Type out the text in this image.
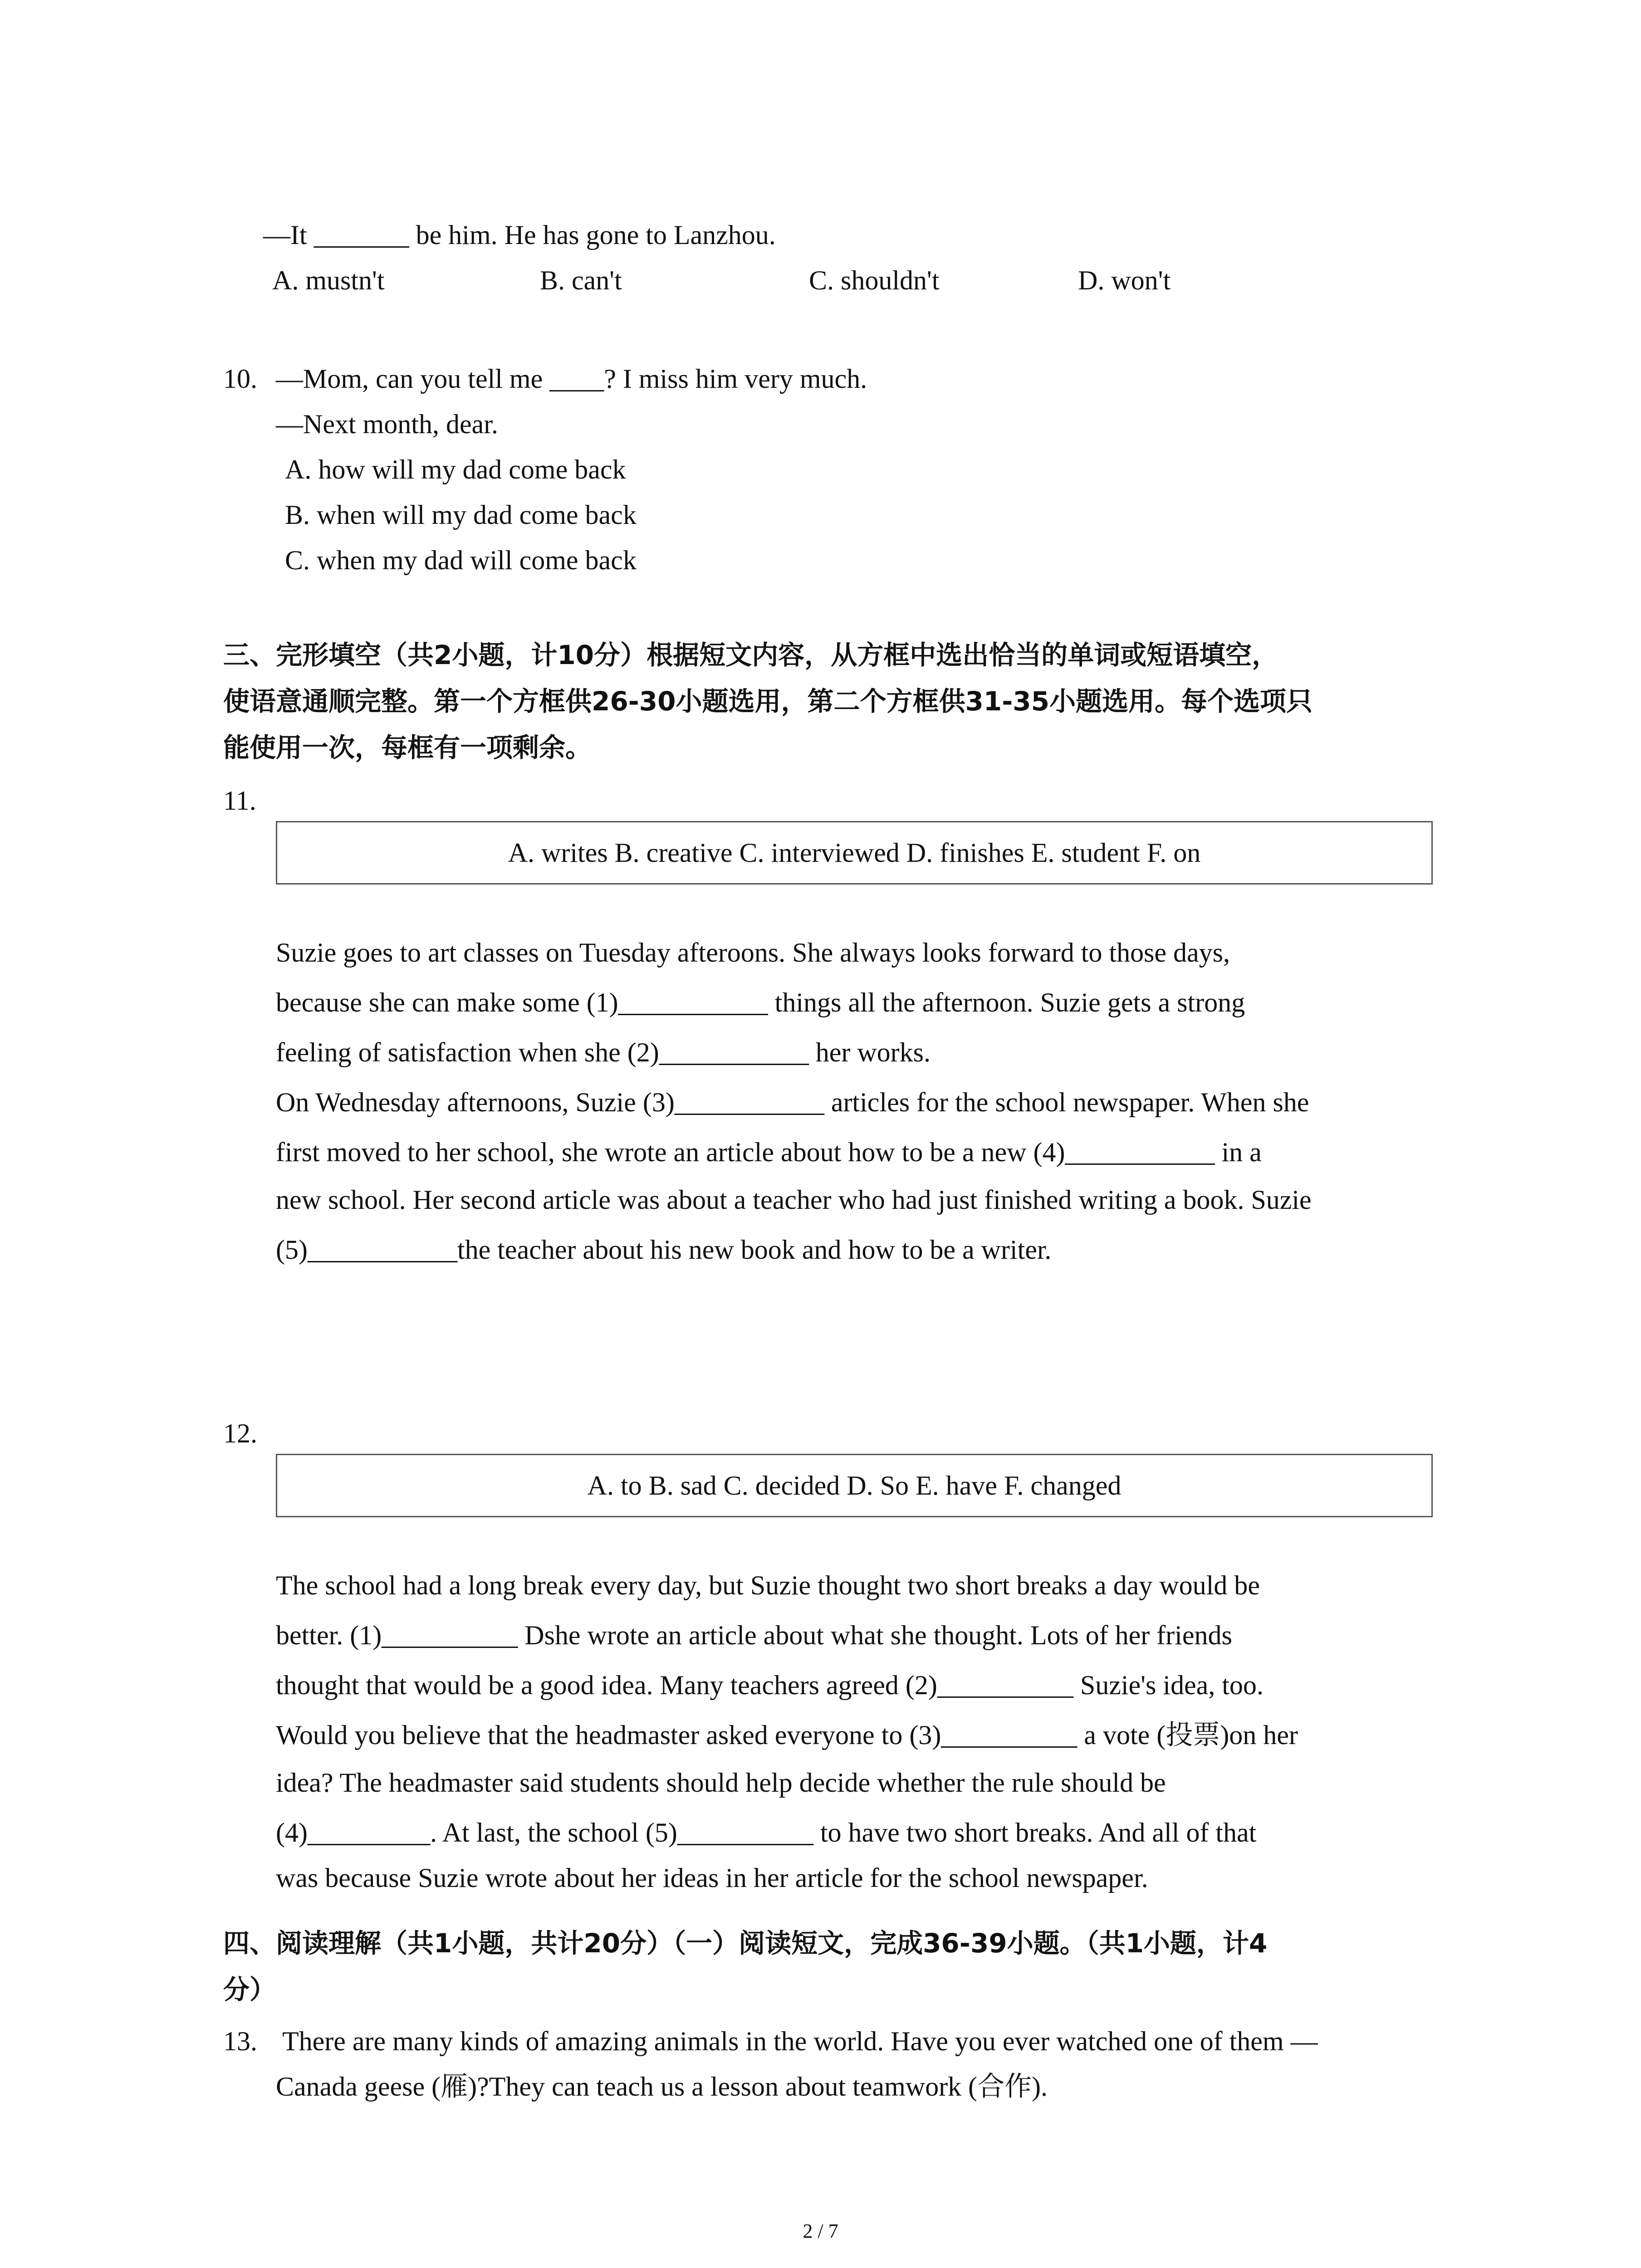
—It _______ be him. He has gone to Lanzhou.
A. mustn't	B. can't	C. shouldn't	D. won't
10. —Mom, can you tell me ____? I miss him very much.
—Next month, dear.
A. how will my dad come back
B. when will my dad come back
C. when my dad will come back
三、完形填空（共2小题，计10分）根据短文内容，从方框中选出恰当的单词或短语填空，
使语意通顺完整。第一个方框供26-30小题选用，第二个方框供31-35小题选用。每个选项只
能使用一次，每框有一项剩余。
11.
A. writes B. creative C. interviewed D. finishes E. student F. on
Suzie goes to art classes on Tuesday afteroons. She always looks forward to those days,
because she can make some (1)___________ things all the afternoon. Suzie gets a strong
feeling of satisfaction when she (2)___________ her works.
On Wednesday afternoons, Suzie (3)___________ articles for the school newspaper. When she
first moved to her school, she wrote an article about how to be a new (4)___________ in a
new school. Her second article was about a teacher who had just finished writing a book. Suzie
(5)___________the teacher about his new book and how to be a writer.
12.
A. to B. sad C. decided D. So E. have F. changed
The school had a long break every day, but Suzie thought two short breaks a day would be
better. (1)__________ Dshe wrote an article about what she thought. Lots of her friends
thought that would be a good idea. Many teachers agreed (2)__________ Suzie's idea, too.
Would you believe that the headmaster asked everyone to (3)__________ a vote (投票)on her
idea? The headmaster said students should help decide whether the rule should be
(4)_________. At last, the school (5)__________ to have two short breaks. And all of that
was because Suzie wrote about her ideas in her article for the school newspaper.
四、阅读理解（共1小题，共计20分）（一）阅读短文，完成36-39小题。（共1小题，计4
分）
13. There are many kinds of amazing animals in the world. Have you ever watched one of them —
Canada geese (雁)?They can teach us a lesson about teamwork (合作).
2 / 7
